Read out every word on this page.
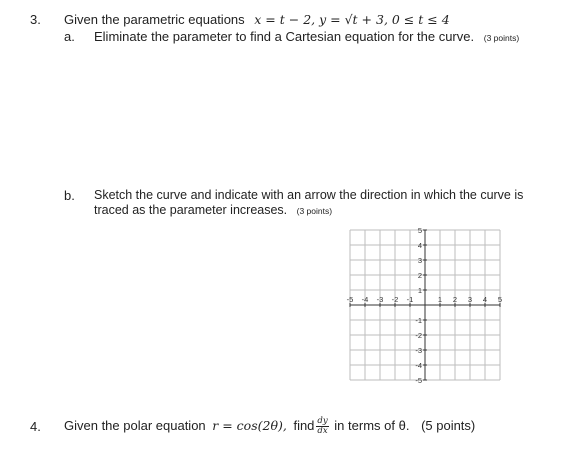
3. Given the parametric equations x = t − 2, y = √t + 3, 0 ≤ t ≤ 4
a. Eliminate the parameter to find a Cartesian equation for the curve. (3 points)
b. Sketch the curve and indicate with an arrow the direction in which the curve is
traced as the parameter increases. (3 points)
-5 -4 -3 -2 -1	1 2 3 4 5
5
4
3
2
1
-1
-2
-3
-4
-5
4. Given the polar equation r = cos(2θ), find $\frac{dy}{dx}$ in terms of θ. (5 points)
